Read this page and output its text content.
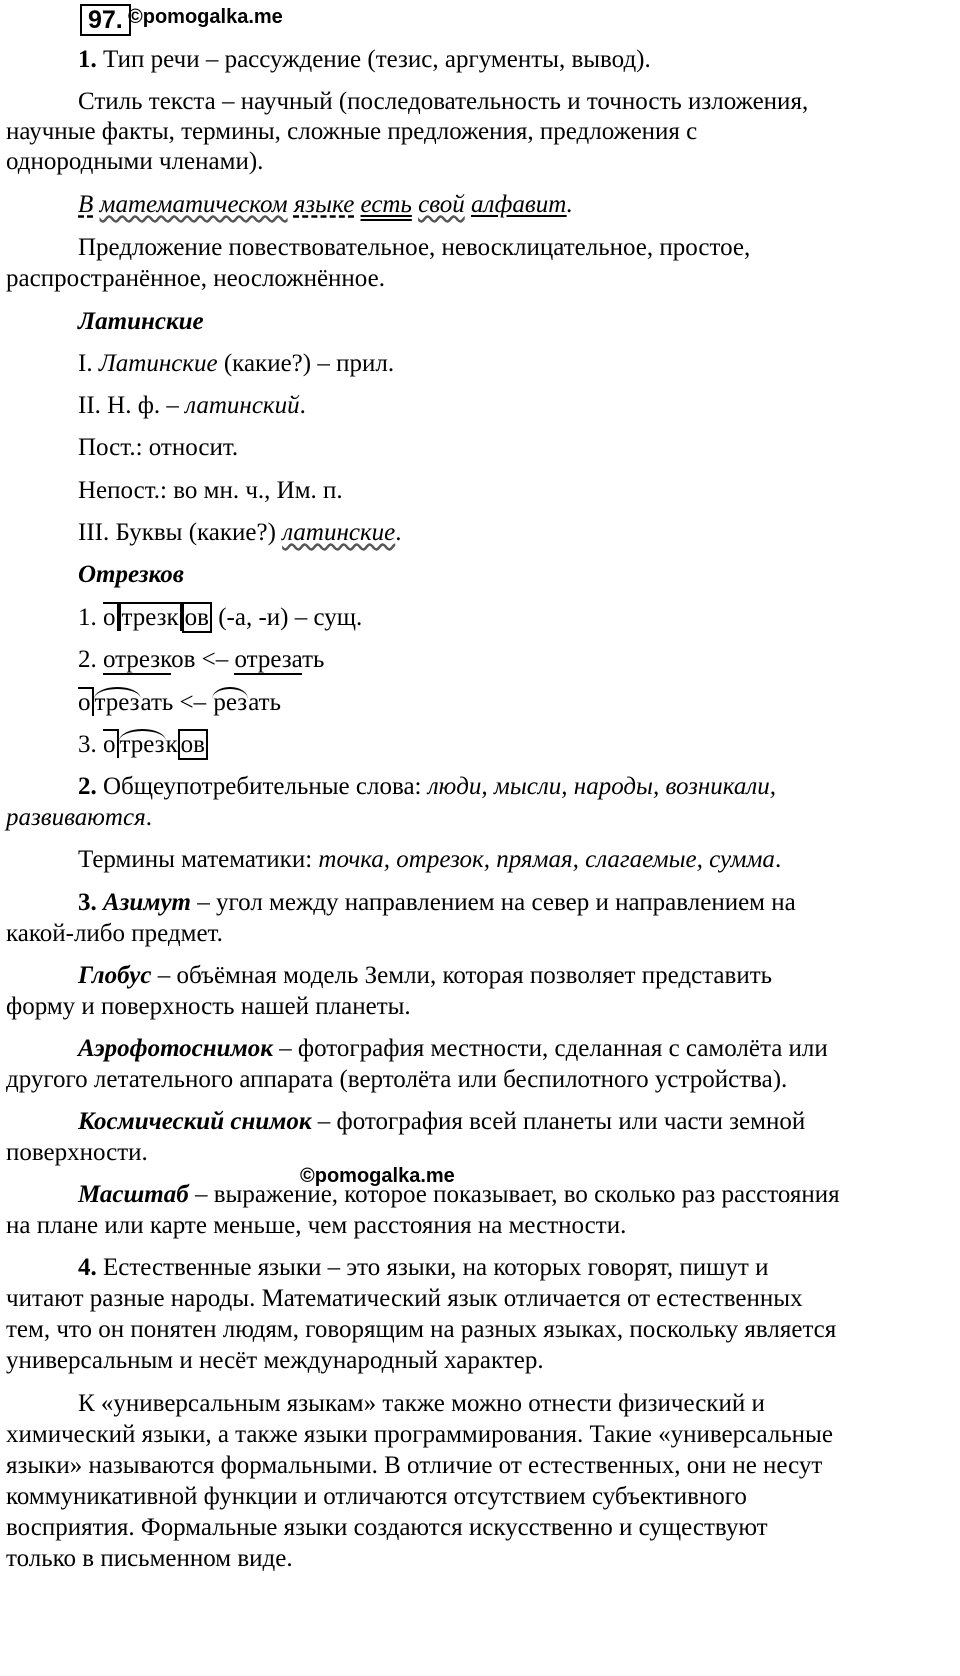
97. ©pomogalka.me
1. Тип речи – рассуждение (тезис, аргументы, вывод).
Стиль текста – научный (последовательность и точность изложения,
научные факты, термины, сложные предложения, предложения с
однородными членами).
В математическом языке есть свой алфавит.
Предложение повествовательное, невосклицательное, простое,
распространённое, неосложнённое.
Латинские
I. Латинские (какие?) – прил.
II. Н. ф. – латинский.
Пост.: относит.
Непост.: во мн. ч., Им. п.
III. Буквы (какие?) латинские.
Отрезков
1. о трезк ов (-а, -и) – сущ.
2. отрезков <– отрезать
о трезать <– резать
3. о трезк ов
2. Общеупотребительные слова: люди, мысли, народы, возникали,
развиваются.
Термины математики: точка, отрезок, прямая, слагаемые, сумма.
3. Азимут – угол между направлением на север и направлением на
какой-либо предмет.
Глобус – объёмная модель Земли, которая позволяет представить
форму и поверхность нашей планеты.
Аэрофотоснимок – фотография местности, сделанная с самолёта или
другого летательного аппарата (вертолёта или беспилотного устройства).
Космический снимок – фотография всей планеты или части земной
поверхности.
©pomogalka.me
Масштаб – выражение, которое показывает, во сколько раз расстояния
на плане или карте меньше, чем расстояния на местности.
4. Естественные языки – это языки, на которых говорят, пишут и
читают разные народы. Математический язык отличается от естественных
тем, что он понятен людям, говорящим на разных языках, поскольку является
универсальным и несёт международный характер.
К «универсальным языкам» также можно отнести физический и
химический языки, а также языки программирования. Такие «универсальные
языки» называются формальными. В отличие от естественных, они не несут
коммуникативной функции и отличаются отсутствием субъективного
восприятия. Формальные языки создаются искусственно и существуют
только в письменном виде.
